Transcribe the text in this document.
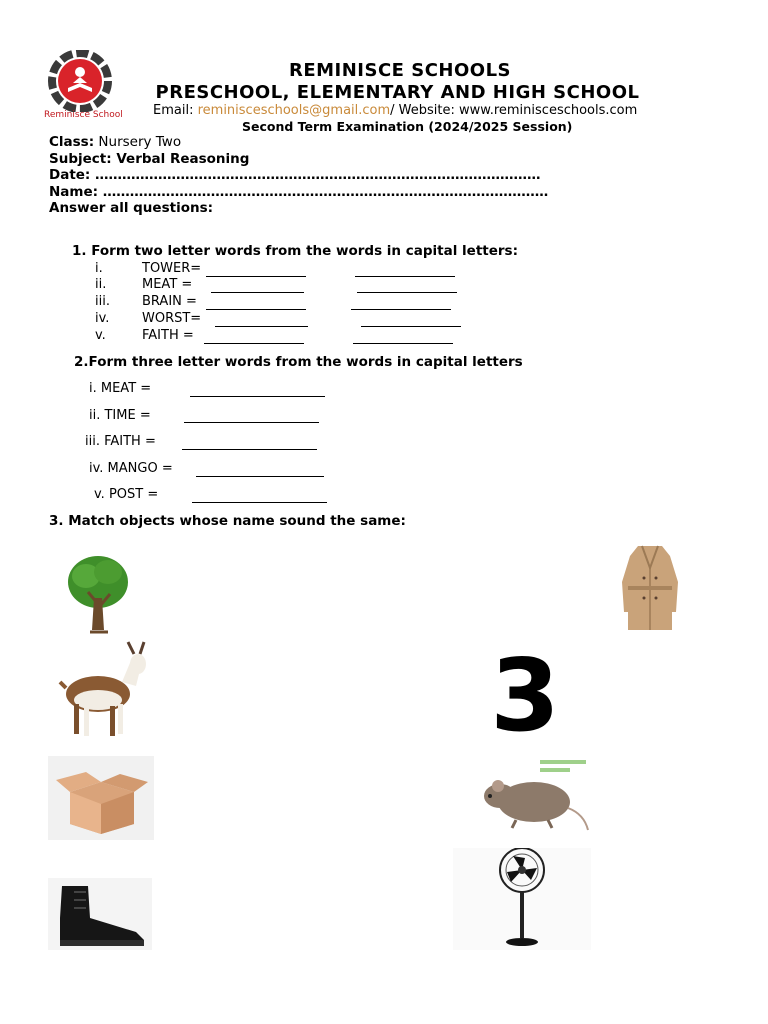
Reminisce School
REMINISCE SCHOOLS
PRESCHOOL, ELEMENTARY AND HIGH SCHOOL
Email: reminisceschools@gmail.com/ Website: www.reminisceschools.com
Second Term Examination (2024/2025 Session)
Class: Nursery Two
Subject: Verbal Reasoning
Date: ………………………………………………………………………………………
Name: ………………………………………………………………………………………
Answer all questions:
1. Form two letter words from the words in capital letters:
i.	TOWER=
ii.	MEAT =
iii. BRAIN =
iv.	WORST=
v.	FAITH =
2.Form three letter words from the words in capital letters
i. MEAT =
ii. TIME =
iii. FAITH =
iv. MANGO =
v. POST =
3. Match objects whose name sound the same:
3
